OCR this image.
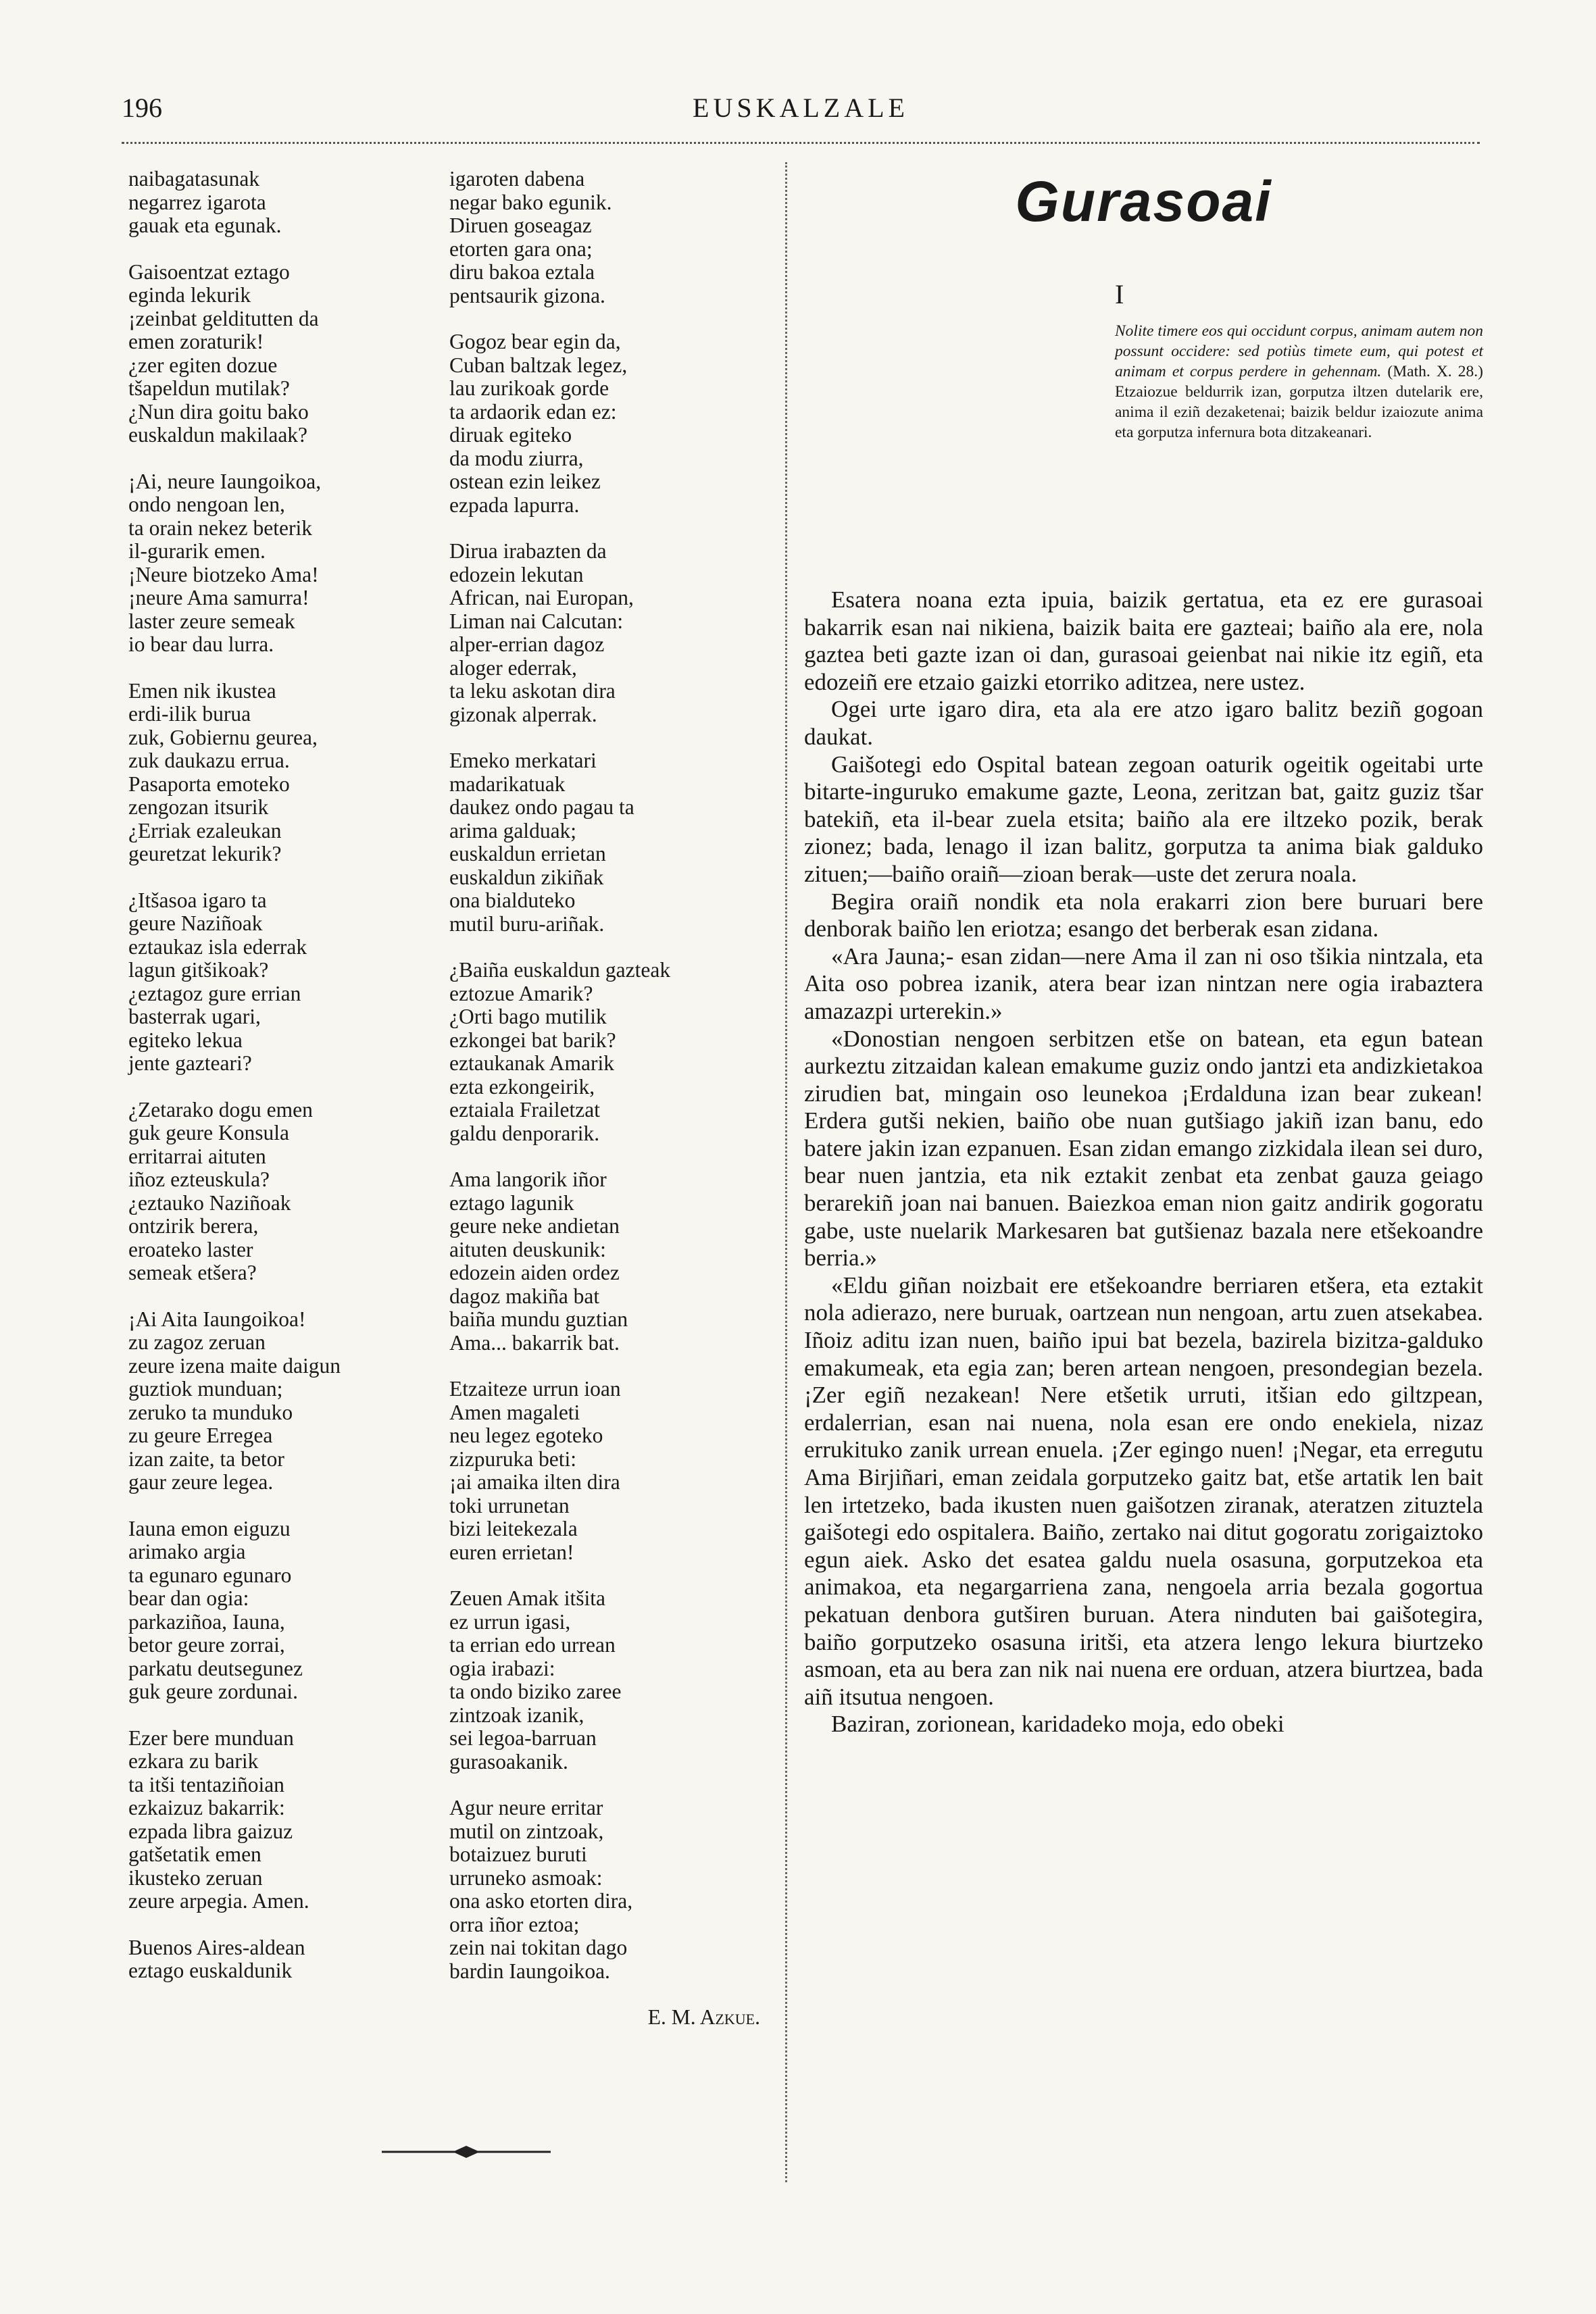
196	EUSKALZALE
naibagatasunak
negarrez igarota
gauak eta egunak.
Gaisoentzat eztago
eginda lekurik
¡zeinbat gelditutten da
emen zoraturik!
¿zer egiten dozue
tšapeldun mutilak?
¿Nun dira goitu bako
euskaldun makilaak?
¡Ai, neure Iaungoikoa,
ondo nengoan len,
ta orain nekez beterik
il-gurarik emen.
¡Neure biotzeko Ama!
¡neure Ama samurra!
laster zeure semeak
io bear dau lurra.
Emen nik ikustea
erdi-ilik burua
zuk, Gobiernu geurea,
zuk daukazu errua.
Pasaporta emoteko
zengozan itsurik
¿Erriak ezaleukan
geuretzat lekurik?
¿Itšasoa igaro ta
geure Naziñoak
eztaukaz isla ederrak
lagun gitšikoak?
¿eztagoz gure errian
basterrak ugari,
egiteko lekua
jente gazteari?
¿Zetarako dogu emen
guk geure Konsula
erritarrai aituten
iñoz ezteuskula?
¿eztauko Naziñoak
ontzirik berera,
eroateko laster
semeak etšera?
¡Ai Aita Iaungoikoa!
zu zagoz zeruan
zeure izena maite daigun
guztiok munduan;
zeruko ta munduko
zu geure Erregea
izan zaite, ta betor
gaur zeure legea.
Iauna emon eiguzu
arimako argia
ta egunaro egunaro
bear dan ogia:
parkaziñoa, Iauna,
betor geure zorrai,
parkatu deutsegunez
guk geure zordunai.
Ezer bere munduan
ezkara zu barik
ta itši tentaziñoian
ezkaizuz bakarrik:
ezpada libra gaizuz
gatšetatik emen
ikusteko zeruan
zeure arpegia. Amen.
Buenos Aires-aldean
eztago euskaldunik
igaroten dabena
negar bako egunik.
Diruen goseagaz
etorten gara ona;
diru bakoa eztala
pentsaurik gizona.
Gogoz bear egin da,
Cuban baltzak legez,
lau zurikoak gorde
ta ardaorik edan ez:
diruak egiteko
da modu ziurra,
ostean ezin leikez
ezpada lapurra.
Dirua irabazten da
edozein lekutan
African, nai Europan,
Liman nai Calcutan:
alper-errian dagoz
aloger ederrak,
ta leku askotan dira
gizonak alperrak.
Emeko merkatari
madarikatuak
daukez ondo pagau ta
arima galduak;
euskaldun errietan
euskaldun zikiñak
ona bialduteko
mutil buru-ariñak.
¿Baiña euskaldun gazteak
eztozue Amarik?
¿Orti bago mutilik
ezkongei bat barik?
eztaukanak Amarik
ezta ezkongeirik,
eztaiala Frailetzat
galdu denporarik.
Ama langorik iñor
eztago lagunik
geure neke andietan
aituten deuskunik:
edozein aiden ordez
dagoz makiña bat
baiña mundu guztian
Ama... bakarrik bat.
Etzaiteze urrun ioan
Amen magaleti
neu legez egoteko
zizpuruka beti:
¡ai amaika ilten dira
toki urrunetan
bizi leitekezala
euren errietan!
Zeuen Amak itšita
ez urrun igasi,
ta errian edo urrean
ogia irabazi:
ta ondo biziko zaree
zintzoak izanik,
sei legoa-barruan
gurasoakanik.
Agur neure erritar
mutil on zintzoak,
botaizuez buruti
urruneko asmoak:
ona asko etorten dira,
orra iñor eztoa;
zein nai tokitan dago
bardin Iaungoikoa.
E. M. Azkue.
Gurasoai
I
Nolite timere eos qui occidunt corpus, animam autem non possunt occidere: sed potiùs timete eum, qui potest et animam et corpus perdere in gehennam. (Math. X. 28.) Etzaiozue beldurrik izan, gorputza iltzen dutelarik ere, anima il eziñ dezaketenai; baizik beldur izaiozute anima eta gorputza infernura bota ditzakeanari.

Esatera noana ezta ipuia, baizik gertatua, eta ez ere gurasoai bakarrik esan nai nikiena, baizik baita ere gazteai; baiño ala ere, nola gaztea beti gazte izan oi dan, gurasoai geienbat nai nikie itz egiñ, eta edozeiñ ere etzaio gaizki etorriko aditzea, nere ustez.

Ogei urte igaro dira, eta ala ere atzo igaro balitz beziñ gogoan daukat.

Gaišotegi edo Ospital batean zegoan oaturik ogeitik ogeitabi urte bitarte-inguruko emakume gazte, Leona, zeritzan bat, gaitz guziz tšar batekiñ, eta il-bear zuela etsita; baiño ala ere iltzeko pozik, berak zionez; bada, lenago il izan balitz, gorputza ta anima biak galduko zituen;—baiño oraiñ—zioan berak—uste det zerura noala.

Begira oraiñ nondik eta nola erakarri zion bere buruari bere denborak baiño len eriotza; esango det berberak esan zidana.

«Ara Jauna;- esan zidan—nere Ama il zan ni oso tšikia nintzala, eta Aita oso pobrea izanik, atera bear izan nintzan nere ogia irabaztera amazazpi urterekin.»

«Donostian nengoen serbitzen etše on batean, eta egun batean aurkeztu zitzaidan kalean emakume guziz ondo jantzi eta andizkietakoa zirudien bat, mingain oso leunekoa ¡Erdalduna izan bear zukean! Erdera gutši nekien, baiño obe nuan gutšiago jakiñ izan banu, edo batere jakin izan ezpanuen. Esan zidan emango zizkidala ilean sei duro, bear nuen jantzia, eta nik eztakit zenbat eta zenbat gauza geiago berarekiñ joan nai banuen. Baiezkoa eman nion gaitz andirik gogoratu gabe, uste nuelarik Markesaren bat gutšienaz bazala nere etšekoandre berria.»

«Eldu giñan noizbait ere etšekoandre berriaren etšera, eta eztakit nola adierazo, nere buruak, oartzean nun nengoan, artu zuen atsekabea. Iñoiz aditu izan nuen, baiño ipui bat bezela, bazirela bizitza-galduko emakumeak, eta egia zan; beren artean nengoen, presondegian bezela. ¡Zer egiñ nezakean! Nere etšetik urruti, itšian edo giltzpean, erdalerrian, esan nai nuena, nola esan ere ondo enekiela, nizaz errukituko zanik urrean enuela. ¡Zer egingo nuen! ¡Negar, eta erregutu Ama Birjiñari, eman zeidala gorputzeko gaitz bat, etše artatik len bait len irtetzeko, bada ikusten nuen gaišotzen ziranak, ateratzen zituztela gaišotegi edo ospitalera. Baiño, zertako nai ditut gogoratu zorigaiztoko egun aiek. Asko det esatea galdu nuela osasuna, gorputzekoa eta animakoa, eta negargarriena zana, nengoela arria bezala gogortua pekatuan denbora gutširen buruan. Atera ninduten bai gaišotegira, baiño gorputzeko osasuna iritši, eta atzera lengo lekura biurtzeko asmoan, eta au bera zan nik nai nuena ere orduan, atzera biurtzea, bada aiñ itsutua nengoen.

Baziran, zorionean, karidadeko moja, edo obeki
